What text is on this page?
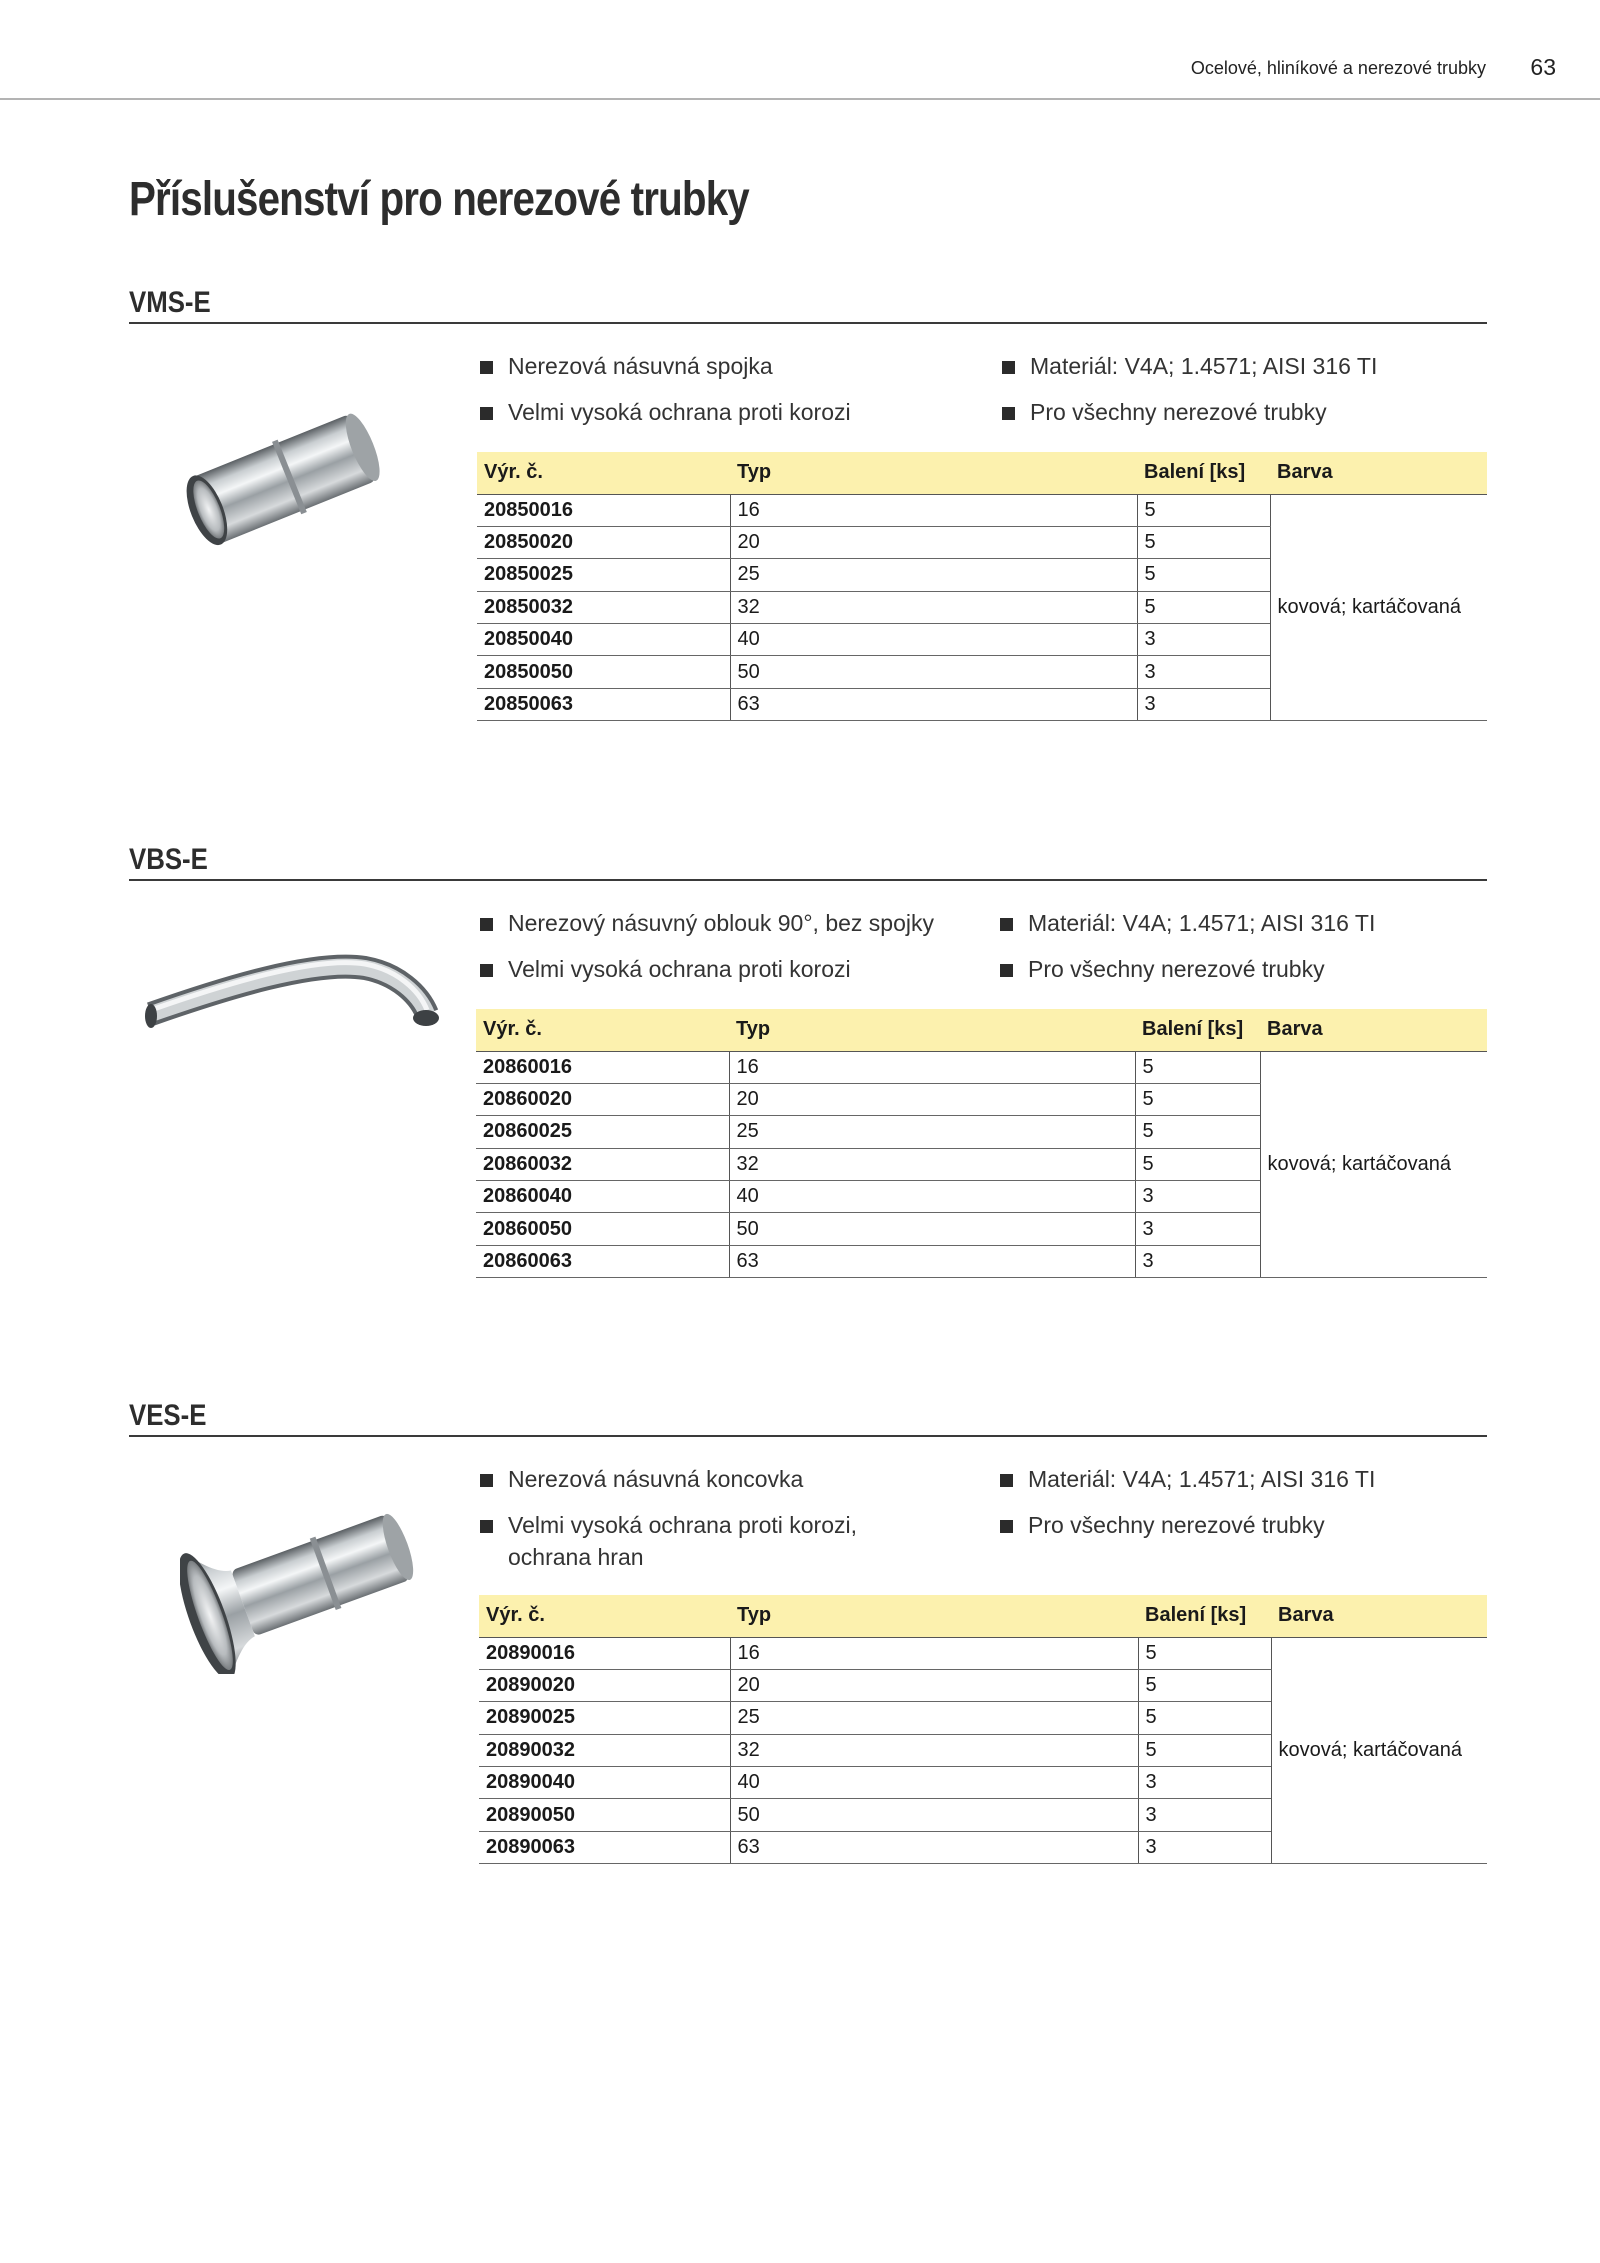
Ocelové, hliníkové a nerezové trubky 63
Příslušenství pro nerezové trubky
VMS-E
Nerezová násuvná spojka
Velmi vysoká ochrana proti korozi
Materiál: V4A; 1.4571; AISI 316 TI
Pro všechny nerezové trubky
Výr. č.	Typ	Balení [ks]	Barva
20850016	16	5	kovová; kartáčovaná
20850020	20	5	
20850025	25	5	
20850032	32	5	
20850040	40	3	
20850050	50	3	
20850063	63	3	
VBS-E
Nerezový násuvný oblouk 90°, bez spojky
Velmi vysoká ochrana proti korozi
Materiál: V4A; 1.4571; AISI 316 TI
Pro všechny nerezové trubky
Výr. č.	Typ	Balení [ks]	Barva
20860016	16	5	kovová; kartáčovaná
20860020	20	5	
20860025	25	5	
20860032	32	5	
20860040	40	3	
20860050	50	3	
20860063	63	3	
VES-E
Nerezová násuvná koncovka
Velmi vysoká ochrana proti korozi,
ochrana hran
Materiál: V4A; 1.4571; AISI 316 TI
Pro všechny nerezové trubky
Výr. č.	Typ	Balení [ks]	Barva
20890016	16	5	kovová; kartáčovaná
20890020	20	5	
20890025	25	5	
20890032	32	5	
20890040	40	3	
20890050	50	3	
20890063	63	3	
